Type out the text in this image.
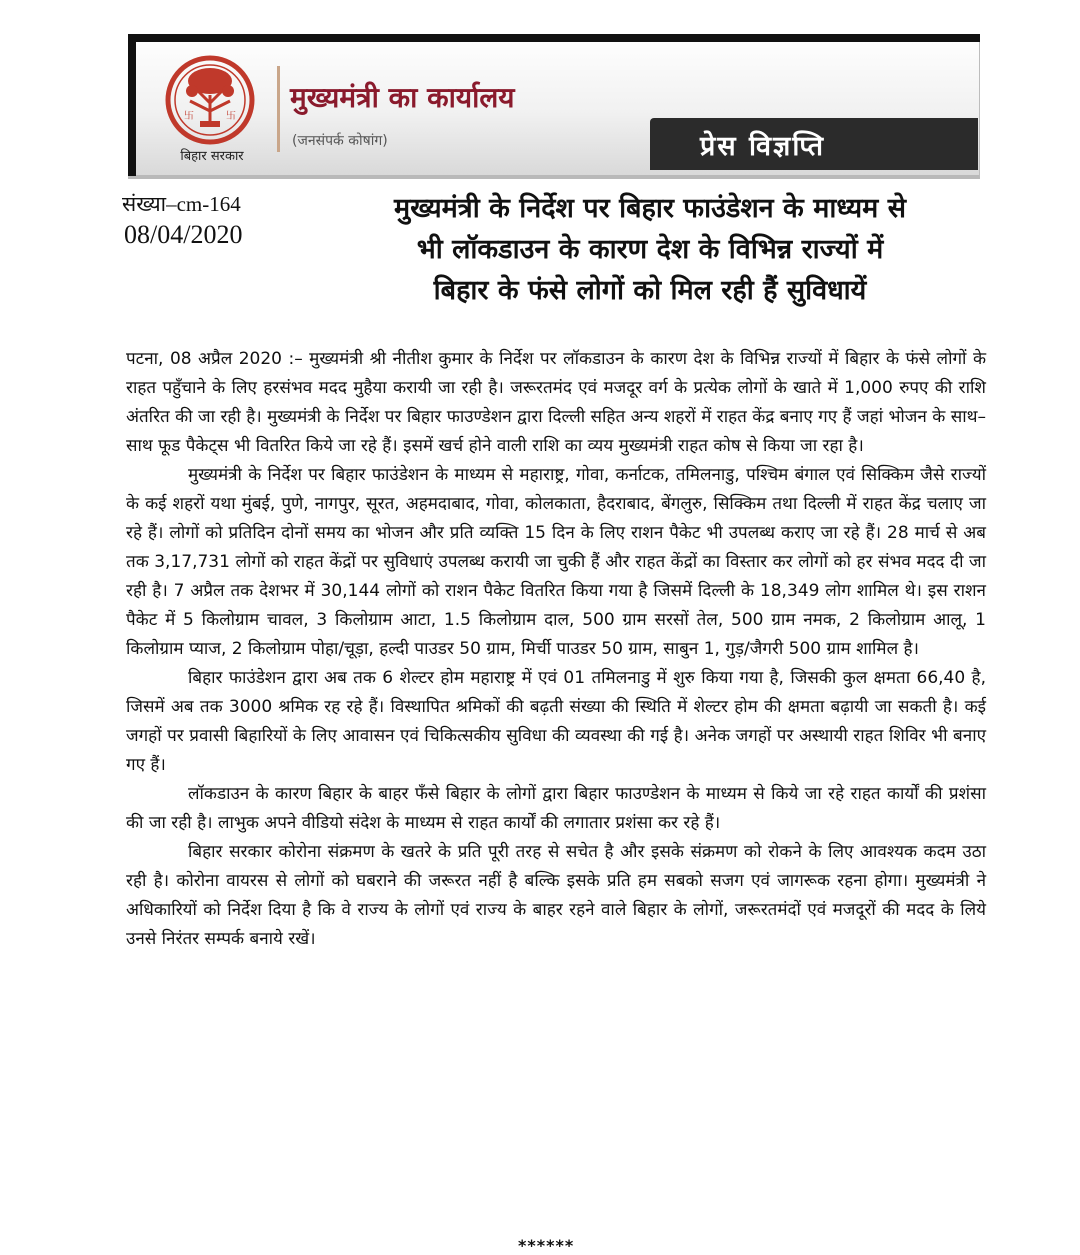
卐	卐
बिहार सरकार
मुख्यमंत्री का कार्यालय
(जनसंपर्क कोषांग)	प्रेस विज्ञप्ति
संख्या–cm-164
08/04/2020
मुख्यमंत्री के निर्देश पर बिहार फाउंडेशन के माध्यम से
भी लॉकडाउन के कारण देश के विभिन्न राज्यों में
बिहार के फंसे लोगों को मिल रही हैं सुविधायें

पटना, 08 अप्रैल 2020 :– मुख्यमंत्री श्री नीतीश कुमार के निर्देश पर लॉकडाउन के कारण देश के विभिन्न राज्यों में बिहार के फंसे लोगों के राहत पहुँचाने के लिए हरसंभव मदद मुहैया करायी जा रही है। जरूरतमंद एवं मजदूर वर्ग के प्रत्येक लोगों के खाते में 1,000 रुपए की राशि अंतरित की जा रही है। मुख्यमंत्री के निर्देश पर बिहार फाउण्डेशन द्वारा दिल्ली सहित अन्य शहरों में राहत केंद्र बनाए गए हैं जहां भोजन के साथ–साथ फूड पैकेट्स भी वितरित किये जा रहे हैं। इसमें खर्च होने वाली राशि का व्यय मुख्यमंत्री राहत कोष से किया जा रहा है।

मुख्यमंत्री के निर्देश पर बिहार फाउंडेशन के माध्यम से महाराष्ट्र, गोवा, कर्नाटक, तमिलनाडु, पश्चिम बंगाल एवं सिक्किम जैसे राज्यों के कई शहरों यथा मुंबई, पुणे, नागपुर, सूरत, अहमदाबाद, गोवा, कोलकाता, हैदराबाद, बेंगलुरु, सिक्किम तथा दिल्ली में राहत केंद्र चलाए जा रहे हैं। लोगों को प्रतिदिन दोनों समय का भोजन और प्रति व्यक्ति 15 दिन के लिए राशन पैकेट भी उपलब्ध कराए जा रहे हैं। 28 मार्च से अब तक 3,17,731 लोगों को राहत केंद्रों पर सुविधाएं उपलब्ध करायी जा चुकी हैं और राहत केंद्रों का विस्तार कर लोगों को हर संभव मदद दी जा रही है। 7 अप्रैल तक देशभर में 30,144 लोगों को राशन पैकेट वितरित किया गया है जिसमें दिल्ली के 18,349 लोग शामिल थे। इस राशन पैकेट में 5 किलोग्राम चावल, 3 किलोग्राम आटा, 1.5 किलोग्राम दाल, 500 ग्राम सरसों तेल, 500 ग्राम नमक, 2 किलोग्राम आलू, 1 किलोग्राम प्याज, 2 किलोग्राम पोहा/चूड़ा, हल्दी पाउडर 50 ग्राम, मिर्ची पाउडर 50 ग्राम, साबुन 1, गुड़/जैगरी 500 ग्राम शामिल है।

बिहार फाउंडेशन द्वारा अब तक 6 शेल्टर होम महाराष्ट्र में एवं 01 तमिलनाडु में शुरु किया गया है, जिसकी कुल क्षमता 66,40 है, जिसमें अब तक 3000 श्रमिक रह रहे हैं। विस्थापित श्रमिकों की बढ़ती संख्या की स्थिति में शेल्टर होम की क्षमता बढ़ायी जा सकती है। कई जगहों पर प्रवासी बिहारियों के लिए आवासन एवं चिकित्सकीय सुविधा की व्यवस्था की गई है। अनेक जगहों पर अस्थायी राहत शिविर भी बनाए गए हैं।

लॉकडाउन के कारण बिहार के बाहर फँसे बिहार के लोगों द्वारा बिहार फाउण्डेशन के माध्यम से किये जा रहे राहत कार्यों की प्रशंसा की जा रही है। लाभुक अपने वीडियो संदेश के माध्यम से राहत कार्यों की लगातार प्रशंसा कर रहे हैं।

बिहार सरकार कोरोना संक्रमण के खतरे के प्रति पूरी तरह से सचेत है और इसके संक्रमण को रोकने के लिए आवश्यक कदम उठा रही है। कोरोना वायरस से लोगों को घबराने की जरूरत नहीं है बल्कि इसके प्रति हम सबको सजग एवं जागरूक रहना होगा। मुख्यमंत्री ने अधिकारियों को निर्देश दिया है कि वे राज्य के लोगों एवं राज्य के बाहर रहने वाले बिहार के लोगों, जरूरतमंदों एवं मजदूरों की मदद के लिये उनसे निरंतर सम्पर्क बनाये रखें।

******
